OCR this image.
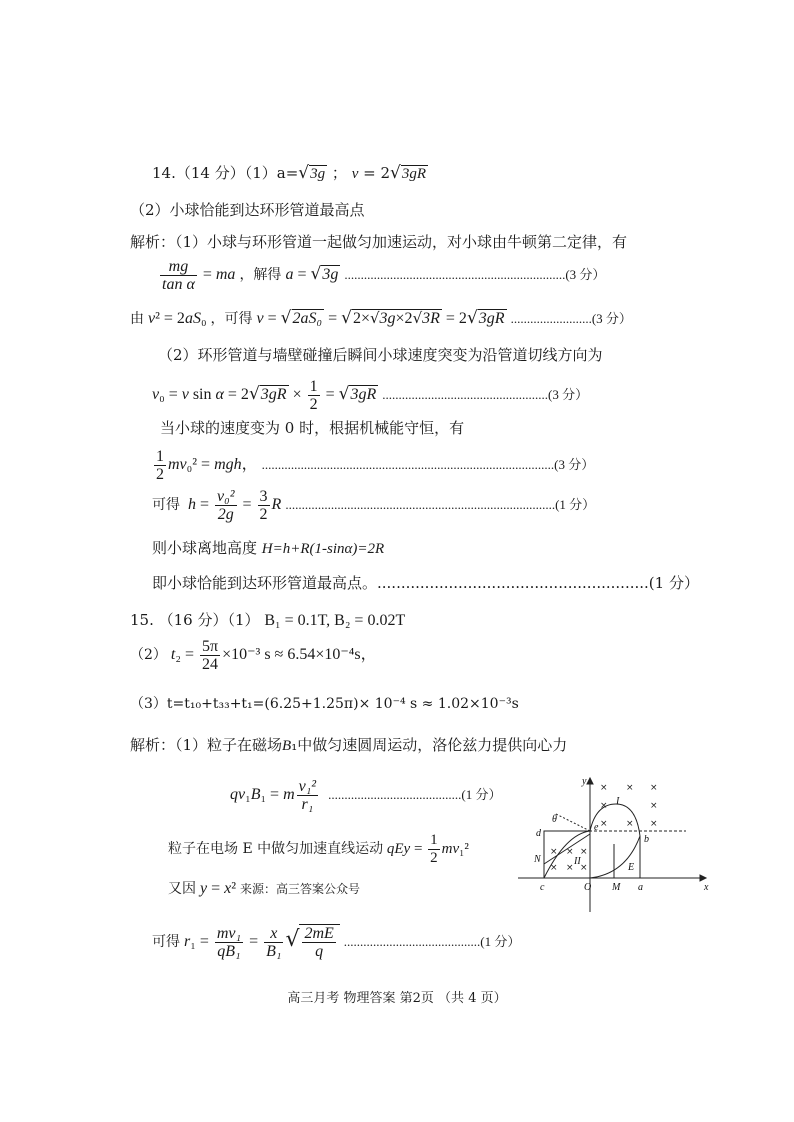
14.（14 分）（1）a=√3g ； v = 2√3gR
（2）小球恰能到达环形管道最高点
解析：（1）小球与环形管道一起做匀加速运动，对小球由牛顿第二定律，有
$\frac{mg}{\text{tan α}}$ = ma ，解得 a = √3g ....................................................................(3 分）
由 v² = 2aS₀ ，可得 v = √2aS₀ = √2×√3g×2√3R = 2√3gR .........................(3 分）
（2）环形管道与墙壁碰撞后瞬间小球速度突变为沿管道切线方向为
v₀ = v $\sin \alpha = 2√3gR \times \frac{1}{2} = √3gR$ ...................................................(3 分）
当小球的速度变为 0 时，根据机械能守恒，有
$\frac{1}{2} mv_0^2$ = mgh， ..........................................................................................(3 分）
可得 $h = \frac{\text{v₀²}}{2g} = \frac{3}{2}$ R ...................................................................................(1 分）
则小球离地高度 H=h+R(1-sinα)=2R
即小球恰能到达环形管道最高点。.........................................................(1 分）
15. （16 分）（1） B₁ = 0.1T, B₂ = 0.02T
（2） $t_2 = \frac{5\pi}{24} \times 10^{-3}$ s ≈ 6.54×10⁻⁴s，
（3）t=t₁₀+t₃₃+t₁=(6.25+1.25π)× 10⁻⁴ s ≈ 1.02×10⁻³s
解析：（1）粒子在磁场B₁中做匀速圆周运动，洛伦兹力提供向心力
qv₁B₁ = m $\frac{\text{v₁²}}{\text{r₁}} .........................................(1$ 分）
粒子在电场 E 中做匀加速直线运动 qEy = $\frac{1}{2} mv_1^2$
又因 y = x² 来源：高三答案公众号
可得 $r_1 = \frac{\text{mv₁}}{\text{qB₁}} = \frac{x}{\text{B₁}}$ √ $\frac{2mE}{q} ..........................................(1$ 分）
y
x
O
d
e
b
N
c	M a
I
II
θ
E
× × ×
×	×
× × ×
× × ×
× × ×
高三月考 物理答案 第2页 （共 4 页）
